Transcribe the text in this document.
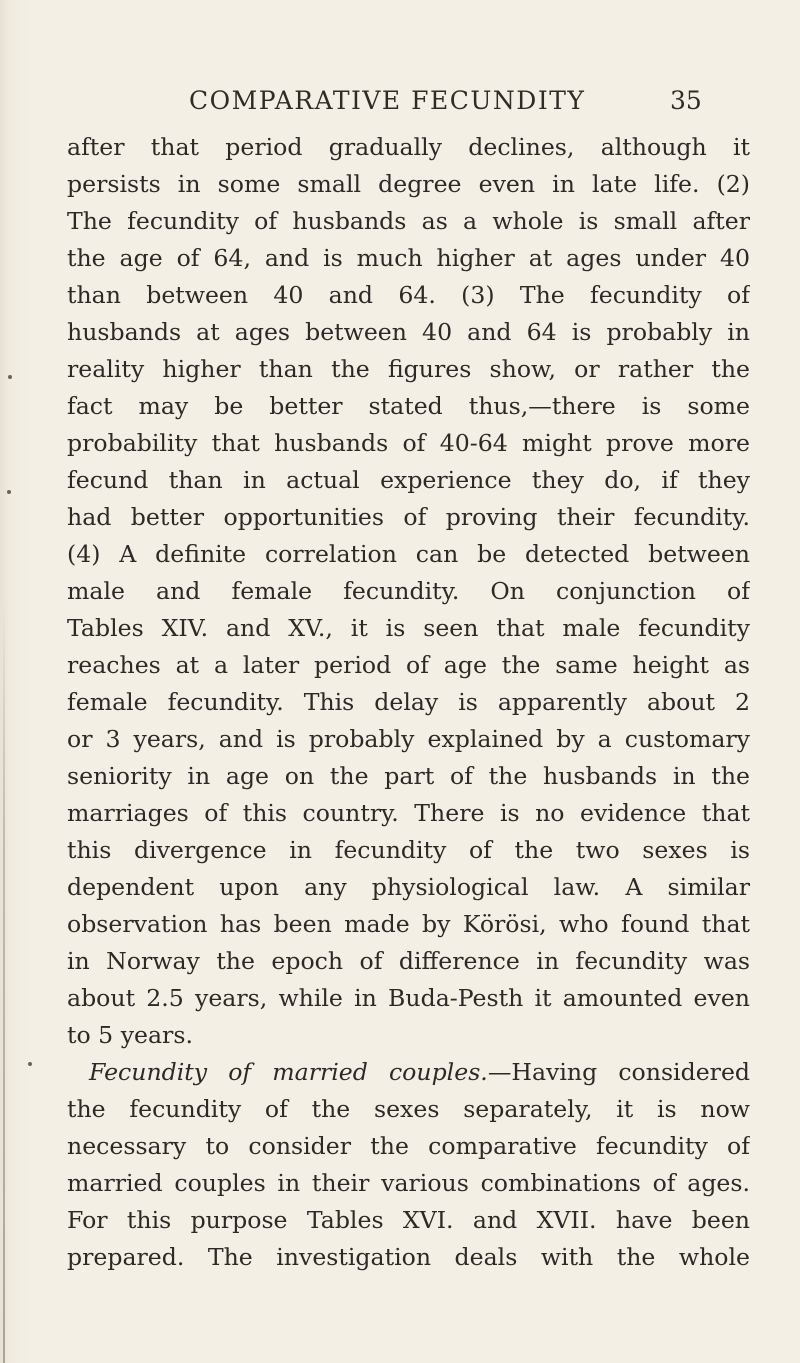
COMPARATIVE FECUNDITY	35
after that period gradually declines, although it
persists in some small degree even in late life. (2)
The fecundity of husbands as a whole is small after
the age of 64, and is much higher at ages under 40
than between 40 and 64. (3) The fecundity of
husbands at ages between 40 and 64 is probably in
reality higher than the figures show, or rather the
fact may be better stated thus,—there is some
probability that husbands of 40-64 might prove more
fecund than in actual experience they do, if they
had better opportunities of proving their fecundity.
(4) A definite correlation can be detected between
male and female fecundity. On conjunction of
Tables XIV. and XV., it is seen that male fecundity
reaches at a later period of age the same height as
female fecundity. This delay is apparently about 2
or 3 years, and is probably explained by a customary
seniority in age on the part of the husbands in the
marriages of this country. There is no evidence that
this divergence in fecundity of the two sexes is
dependent upon any physiological law. A similar
observation has been made by Körösi, who found that
in Norway the epoch of difference in fecundity was
about 2.5 years, while in Buda-Pesth it amounted even
to 5 years.
Fecundity of married couples.—Having considered
the fecundity of the sexes separately, it is now
necessary to consider the comparative fecundity of
married couples in their various combinations of ages.
For this purpose Tables XVI. and XVII. have been
prepared. The investigation deals with the whole
